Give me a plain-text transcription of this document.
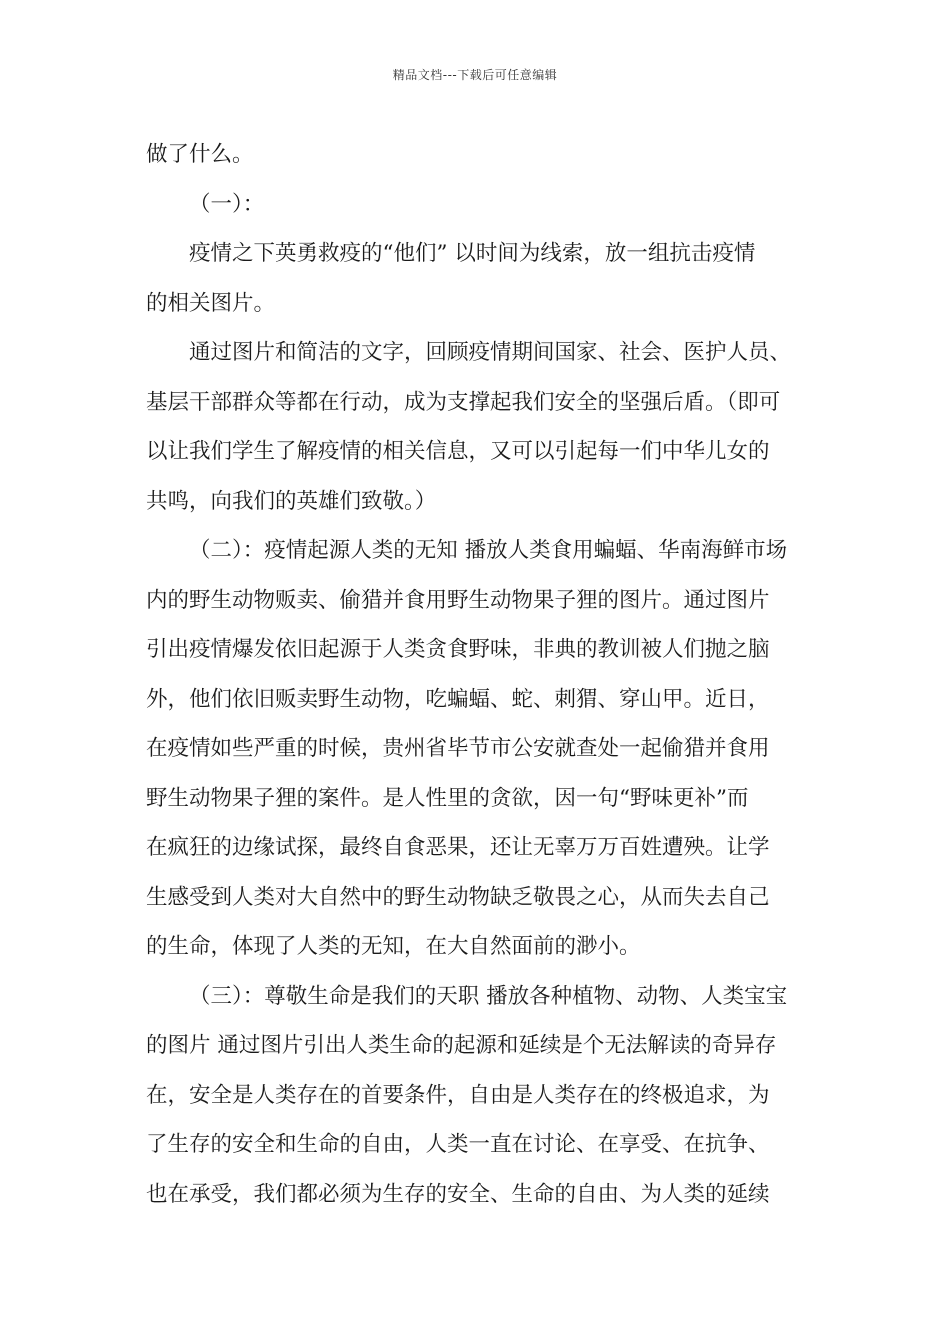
精品文档---下载后可任意编辑
做了什么。
（一）：
疫情之下英勇救疫的“他们” 以时间为线索，放一组抗击疫情
的相关图片。
通过图片和简洁的文字，回顾疫情期间国家、社会、医护人员、
基层干部群众等都在行动，成为支撑起我们安全的坚强后盾。（即可
以让我们学生了解疫情的相关信息，又可以引起每一们中华儿女的
共鸣，向我们的英雄们致敬。）
（二）：疫情起源人类的无知 播放人类食用蝙蝠、华南海鲜市场
内的野生动物贩卖、偷猎并食用野生动物果子狸的图片。通过图片
引出疫情爆发依旧起源于人类贪食野味，非典的教训被人们抛之脑
外，他们依旧贩卖野生动物，吃蝙蝠、蛇、刺猬、穿山甲。近日，
在疫情如些严重的时候，贵州省毕节市公安就查处一起偷猎并食用
野生动物果子狸的案件。是人性里的贪欲，因一句“野味更补”而
在疯狂的边缘试探，最终自食恶果，还让无辜万万百姓遭殃。让学
生感受到人类对大自然中的野生动物缺乏敬畏之心，从而失去自己
的生命，体现了人类的无知，在大自然面前的渺小。
（三）：尊敬生命是我们的天职 播放各种植物、动物、人类宝宝
的图片 通过图片引出人类生命的起源和延续是个无法解读的奇异存
在，安全是人类存在的首要条件，自由是人类存在的终极追求，为
了生存的安全和生命的自由，人类一直在讨论、在享受、在抗争、
也在承受，我们都必须为生存的安全、生命的自由、为人类的延续
